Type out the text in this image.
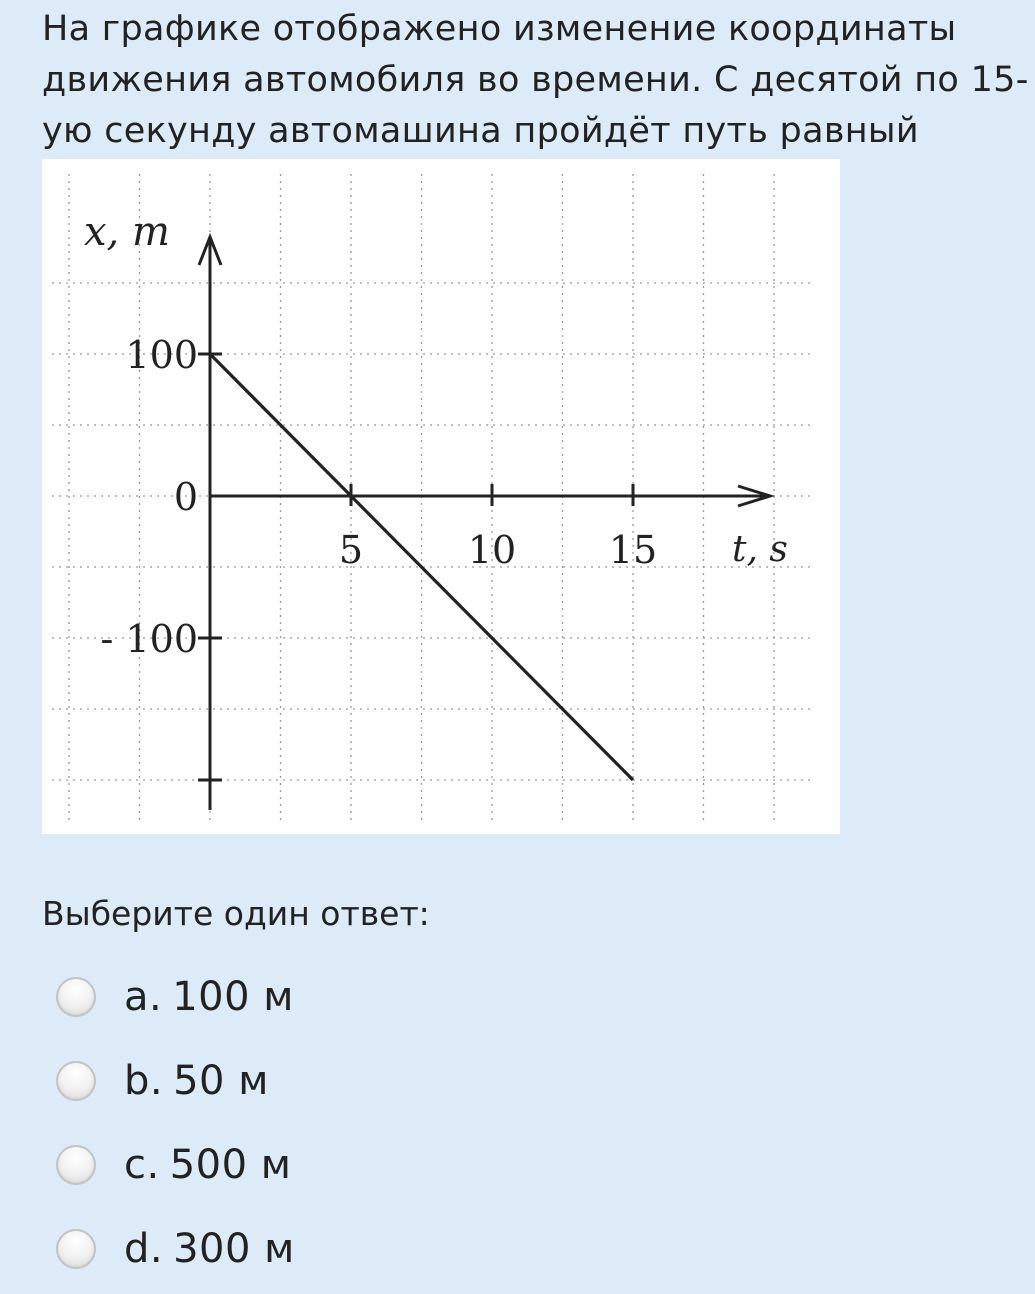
На графике отображено изменение координаты движения автомобиля во времени. С десятой по 15-ую секунду автомашина пройдёт путь равный

x, m
t, s
100
0
- 100
5	10 15

Выберите один ответ:

a. 100 м
b. 50 м
c. 500 м
d. 300 м
